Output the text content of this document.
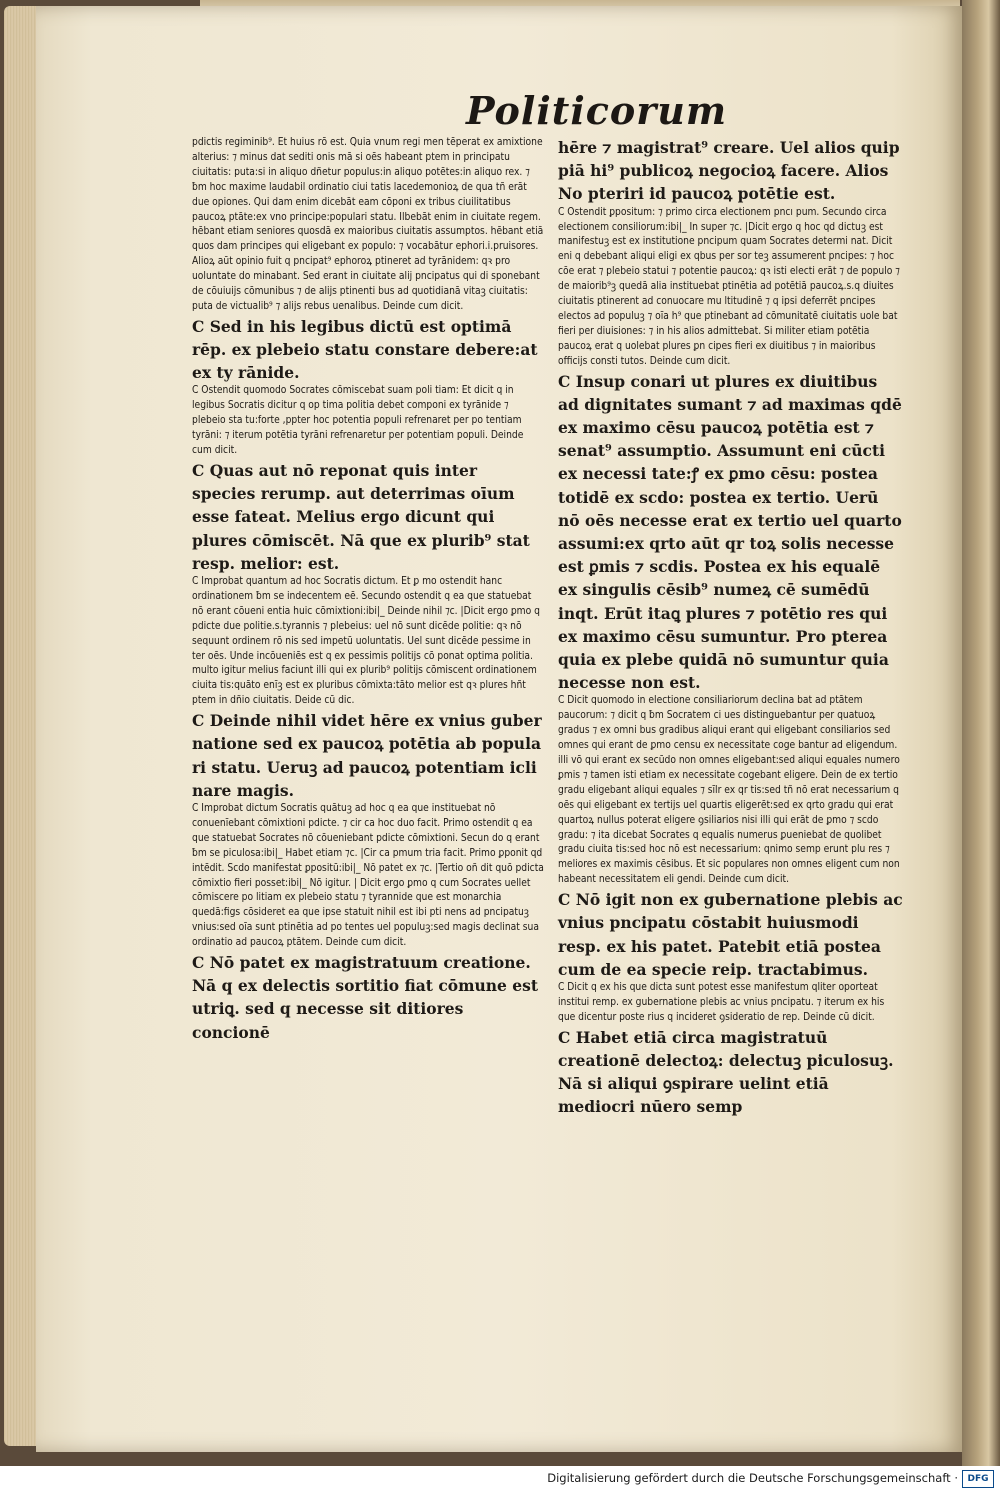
Politicorum

pdictis regiminib⁹. Et huius rō est. Quia vnum regi men tēperat ex amixtione alterius: ⁊ minus dat sediti onis mā si oēs habeant ptem in principatu ciuitatis: puta:si in aliquo dñetur populus:in aliquo potētes:in aliquo rex. ⁊ ƀm hoc maxime laudabil ordinatio ciui tatis lacedemonioꝝ de qua tñ erāt due opiones. Qui dam enim dicebāt eam cōponi ex tribus ciuilitatibus paucoꝝ ptāte:ex vno principe:populari statu. Ilbebāt enim in ciuitate regem. hēbant etiam seniores quosdā ex maioribus ciuitatis assumptos. hēbant etiā quos dam principes qui eligebant ex populo: ⁊ vocabātur ephori.i.pruisores. Alioꝝ aūt opinio fuit q pncipat⁹ ephoroꝝ ptineret ad tyrānidem: qꝛ pro uoluntate do minabant. Sed erant in ciuitate alij pncipatus qui di sponebant de cōuiuijs cōmunibus ⁊ de alijs ptinenti bus ad quotidianā vitaꝫ ciuitatis: puta de victualib⁹ ⁊ alijs rebus uenalibus. Deinde cum dicit.

C Sed in his legibus dictū est optimā rēp. ex plebeio statu constare debere:at ex ty rānide.

C Ostendit quomodo Socrates cōmiscebat suam poli tiam: Et dicit q in legibus Socratis dicitur q op tima politia debet componi ex tyrānide ⁊ plebeio sta tu:forte ,ppter hoc potentia populi refrenaret per po tentiam tyrāni: ⁊ iterum potētia tyrāni refrenaretur per potentiam populi. Deinde cum dicit.

C Quas aut nō reponat quis inter species rerump. aut deterrimas oīum esse fateat. Melius ergo dicunt qui plures cōmiscēt. Nā que ex plurib⁹ stat resp. melior: est.

C Improbat quantum ad hoc Socratis dictum. Et ꝑ mo ostendit hanc ordinationem ƀm se indecentem eē. Secundo ostendit q ea que statuebat nō erant cōueni entia huic cōmixtioni:ibi|_ Deinde nihil ⁊c. |Dicit ergo ꝑmo q pdicte due politie.s.tyrannis ⁊ plebeius: uel nō sunt dicēde politie: qꝛ nō sequunt ordinem rō nis sed impetū uoluntatis. Uel sunt dicēde pessime in ter oēs. Unde incōueniēs est q ex pessimis politijs cō ponat optima politia. multo igitur melius faciunt illi qui ex plurib⁹ politijs cōmiscent ordinationem ciuita tis:quāto enīꝫ est ex pluribus cōmixta:tāto melior est qꝛ plures hñt ptem in dñio ciuitatis. Deide cū dic.

C Deinde nihil videt hēre ex vnius guber natione sed ex paucoꝝ potētia ab popula ri statu. Ueruꝫ ad paucoꝝ potentiam icli nare magis.

C Improbat dictum Socratis quātuꝫ ad hoc q ea que instituebat nō conuenīebant cōmixtioni pdicte. ⁊ cir ca hoc duo facit. Primo ostendit q ea que statuebat Socrates nō cōueniebant pdicte cōmixtioni. Secun do q erant ƀm se piculosa:ibi|_ Habet etiam ⁊c. |Cir ca pmum tria facit. Primo ꝑponit qd intēdit. Scdo manifestat ꝑpositū:ibi|_ Nō patet ex ⁊c. |Tertio oñ dit quō pdicta cōmixtio fieri posset:ibi|_ Nō igitur. | Dicit ergo ꝑmo q cum Socrates uellet cōmiscere po litiam ex plebeio statu ⁊ tyrannide que est monarchia quedā:figs cōsideret ea que ipse statuit nihil est ibi pti nens ad pncipatuꝫ vnius:sed oīa sunt ptinētia ad po tentes uel populuꝫ:sed magis declinat sua ordinatio ad paucoꝝ ptātem. Deinde cum dicit.

C Nō patet ex magistratuum creatione. Nā q ex delectis sortitio fiat cōmune est utriꝗ. sed q necesse sit ditiores concionē

hēre ⁊ magistrat⁹ creare. Uel alios quip piā hi⁹ publicoꝝ negocioꝝ facere. Alios No pteriri id paucoꝝ potētie est.

C Ostendit ꝑpositum: ⁊ primo circa electionem pncı pum. Secundo circa electionem consiliorum:ibi|_ In super ⁊c. |Dicit ergo q hoc qd dictuꝫ est manifestuꝫ est ex institutione pncipum quam Socrates determi nat. Dicit eni q debebant aliqui eligi ex qbus per sor teꝫ assumerent pncipes: ⁊ hoc cōe erat ⁊ plebeio statui ⁊ potentie paucoꝝ: qꝛ isti electi erāt ⁊ de populo ⁊ de maiorib⁹ꝫ quedā alia instituebat ptinētia ad potētiā paucoꝝ.s.q diuites ciuitatis ptinerent ad conuocare mu ltitudinē ⁊ q ipsi deferrēt pncipes electos ad populuꝫ ⁊ oīa h⁹ que ptinebant ad cōmunitatē ciuitatis uole bat fieri per diuisiones: ⁊ in his alios admittebat. Si militer etiam potētia paucoꝝ erat q uolebat plures ꝑn cipes fieri ex diuitibus ⁊ in maioribus officijs consti tutos. Deinde cum dicit.

C Insup conari ut plures ex diuitibus ad dignitates sumant ⁊ ad maximas qdē ex maximo cēsu paucoꝝ potētia est ⁊ senat⁹ assumptio. Assumunt eni cūcti ex necessi tate:ꝭ ex ꝑmo cēsu: postea totidē ex scdo: postea ex tertio. Uerū nō oēs necesse erat ex tertio uel quarto assumi:ex qrto aūt qr toꝝ solis necesse est ꝑmis ⁊ scdis. Postea ex his equalē ex singulis cēsib⁹ numeꝝ cē sumēdū inqt. Erūt itaꝗ plures ⁊ potētio res qui ex maximo cēsu sumuntur. Pro pterea quia ex plebe quidā nō sumuntur quia necesse non est.

C Dicit quomodo in electione consiliariorum declina bat ad ptātem paucorum: ⁊ dicit q ƀm Socratem ci ues distinguebantur per quatuoꝝ gradus ⁊ ex omni bus gradibus aliqui erant qui eligebant consiliarios sed omnes qui erant de ꝑmo censu ex necessitate coge bantur ad eligendum. illi vō qui erant ex secūdo non omnes eligebant:sed aliqui equales numero ꝑmis ⁊ tamen isti etiam ex necessitate cogebant eligere. Dein de ex tertio gradu eligebant aliqui equales ⁊ sīlr ex qr tis:sed tñ nō erat necessarium q oēs qui eligebant ex tertijs uel quartis eligerēt:sed ex qrto gradu qui erat quartoꝝ nullus poterat eligere ꝯsiliarios nisi illi qui erāt de ꝑmo ⁊ scdo gradu: ⁊ ita dicebat Socrates q equalis numerus ꝑueniebat de quolibet gradu ciuita tis:sed hoc nō est necessarium: qnimo semp erunt plu res ⁊ meliores ex maximis cēsibus. Et sic populares non omnes eligent cum non habeant necessitatem eli gendi. Deinde cum dicit.

C Nō igit non ex gubernatione plebis ac vnius pncipatu cōstabit huiusmodi resp. ex his patet. Patebit etiā postea cum de ea specie reip. tractabimus.

C Dicit q ex his que dicta sunt potest esse manifestum qliter oporteat institui remp. ex gubernatione plebis ac vnius pncipatu. ⁊ iterum ex his que dicentur poste rius q incideret ꝯsideratio de rep. Deinde cū dicit.

C Habet etiā circa magistratuū creationē delectoꝝ: delectuꝫ piculosuꝫ. Nā si aliqui ꝯspirare uelint etiā mediocri nūero semp

Digitalisierung gefördert durch die Deutsche Forschungsgemeinschaft ·	DFG
